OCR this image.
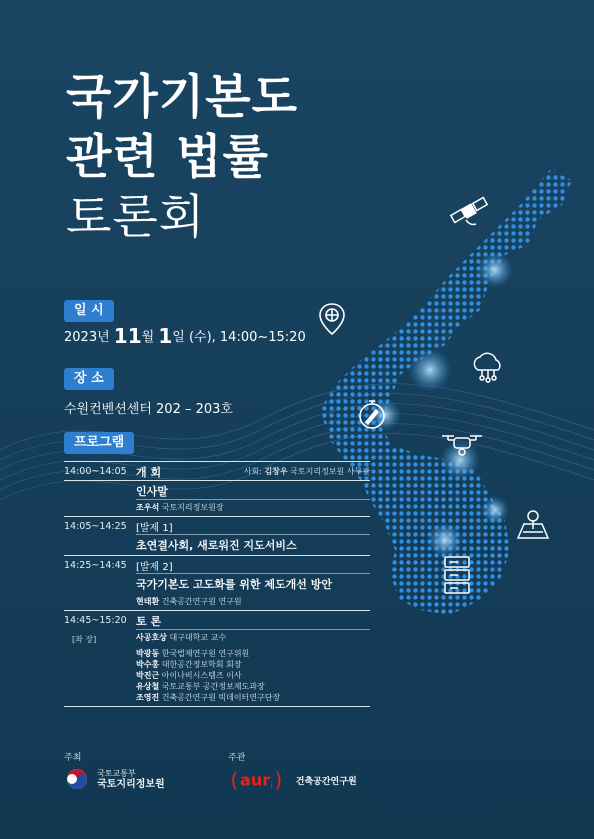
국가기본도
관련 법률
토론회
일 시
2023년 11월 1일 (수), 14:00~15:20
장 소
수원컨벤션센터 202 – 203호
프로그램
14:00~14:05 개 회	사회: 김창우 국토지리정보원 사무관
인사말
조우석 국토지리정보원장
14:05~14:25 [발제 1]
초연결사회, 새로워진 지도서비스
14:25~14:45 [발제 2]
국가기본도 고도화를 위한 제도개선 방안
현태환 건축공간연구원 연구원
14:45~15:20
[좌 장]
토 론
사공호상 대구대학교 교수
박광동 한국법제연구원 연구위원
박수홍 대한공간정보학회 회장
박진근 아이나비시스템즈 이사
유상철 국토교통부 공간정보제도과장
조영진 건축공간연구원 빅데이터연구단장
주최

국토교통부
국토지리정보원
주관
(aur$_i$) 건축공간연구원
